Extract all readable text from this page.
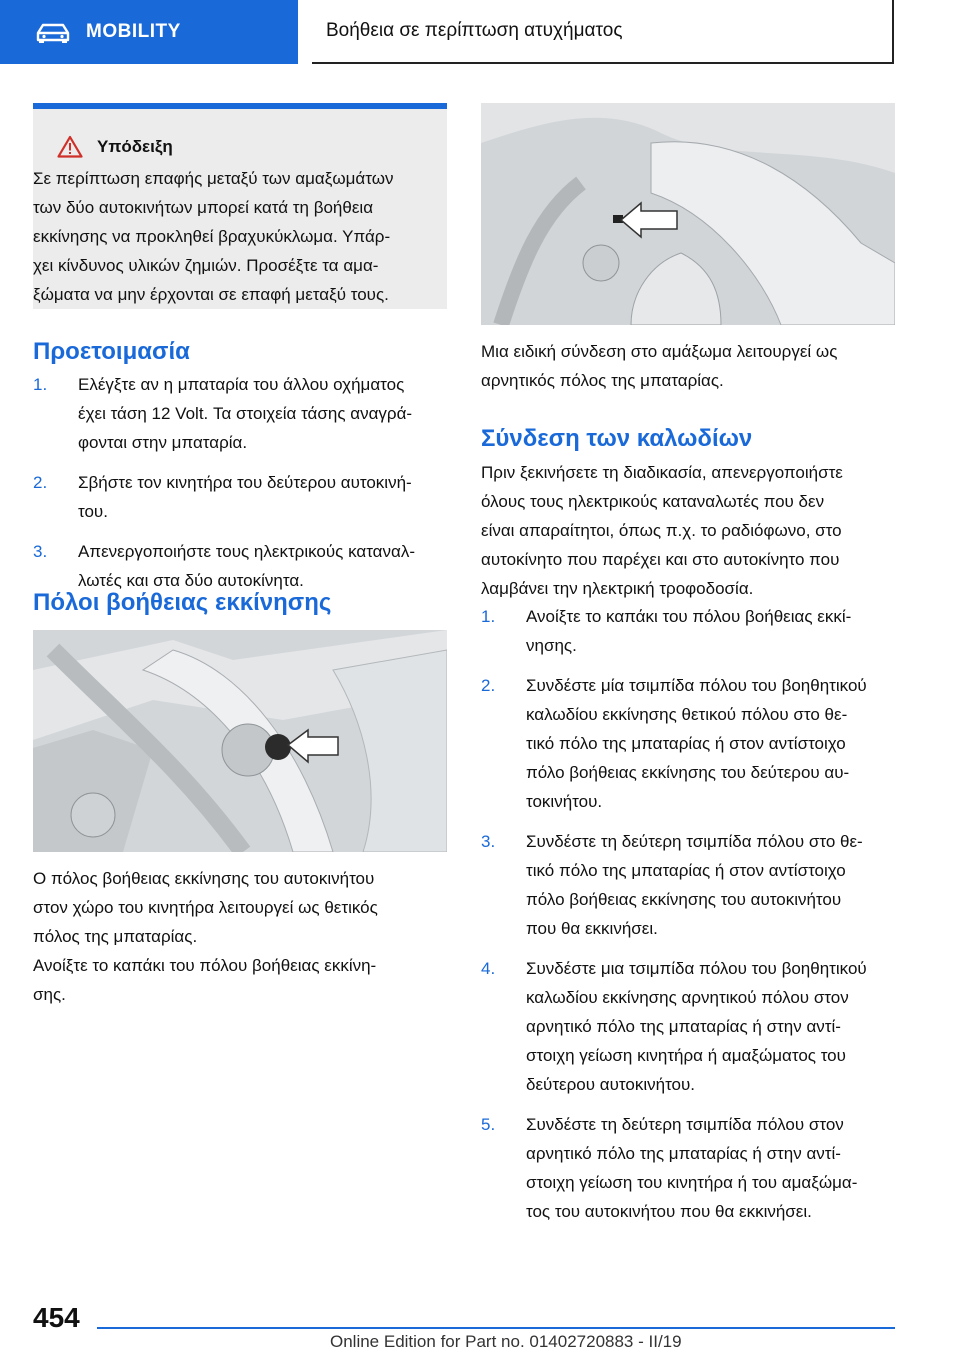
MOBILITY	Βοήθεια σε περίπτωση ατυχήματος
Υπόδειξη
Σε περίπτωση επαφής μεταξύ των αμαξωμάτων
των δύο αυτοκινήτων μπορεί κατά τη βοήθεια
εκκίνησης να προκληθεί βραχυκύκλωμα. Υπάρ-
χει κίνδυνος υλικών ζημιών. Προσέξτε τα αμα-
ξώματα να μην έρχονται σε επαφή μεταξύ τους.
Προετοιμασία
1. Ελέγξτε αν η μπαταρία του άλλου οχήματος
έχει τάση 12 Volt. Τα στοιχεία τάσης αναγρά-
φονται στην μπαταρία.
2. Σβήστε τον κινητήρα του δεύτερου αυτοκινή-
του.
3. Απενεργοποιήστε τους ηλεκτρικούς καταναλ-
λωτές και στα δύο αυτοκίνητα.
Πόλοι βοήθειας εκκίνησης
Ο πόλος βοήθειας εκκίνησης του αυτοκινήτου
στον χώρο του κινητήρα λειτουργεί ως θετικός
πόλος της μπαταρίας.
Ανοίξτε το καπάκι του πόλου βοήθειας εκκίνη-
σης.
Μια ειδική σύνδεση στο αμάξωμα λειτουργεί ως
αρνητικός πόλος της μπαταρίας.
Σύνδεση των καλωδίων
Πριν ξεκινήσετε τη διαδικασία, απενεργοποιήστε
όλους τους ηλεκτρικούς καταναλωτές που δεν
είναι απαραίτητοι, όπως π.χ. το ραδιόφωνο, στο
αυτοκίνητο που παρέχει και στο αυτοκίνητο που
λαμβάνει την ηλεκτρική τροφοδοσία.
1. Ανοίξτε το καπάκι του πόλου βοήθειας εκκί-
νησης.
2. Συνδέστε μία τσιμπίδα πόλου του βοηθητικού
καλωδίου εκκίνησης θετικού πόλου στο θε-
τικό πόλο της μπαταρίας ή στον αντίστοιχο
πόλο βοήθειας εκκίνησης του δεύτερου αυ-
τοκινήτου.
3. Συνδέστε τη δεύτερη τσιμπίδα πόλου στο θε-
τικό πόλο της μπαταρίας ή στον αντίστοιχο
πόλο βοήθειας εκκίνησης του αυτοκινήτου
που θα εκκινήσει.
4. Συνδέστε μια τσιμπίδα πόλου του βοηθητικού
καλωδίου εκκίνησης αρνητικού πόλου στον
αρνητικό πόλο της μπαταρίας ή στην αντί-
στοιχη γείωση κινητήρα ή αμαξώματος του
δεύτερου αυτοκινήτου.
5. Συνδέστε τη δεύτερη τσιμπίδα πόλου στον
αρνητικό πόλο της μπαταρίας ή στην αντί-
στοιχη γείωση του κινητήρα ή του αμαξώμα-
τος του αυτοκινήτου που θα εκκινήσει.
454
Online Edition for Part no. 01402720883 - II/19
